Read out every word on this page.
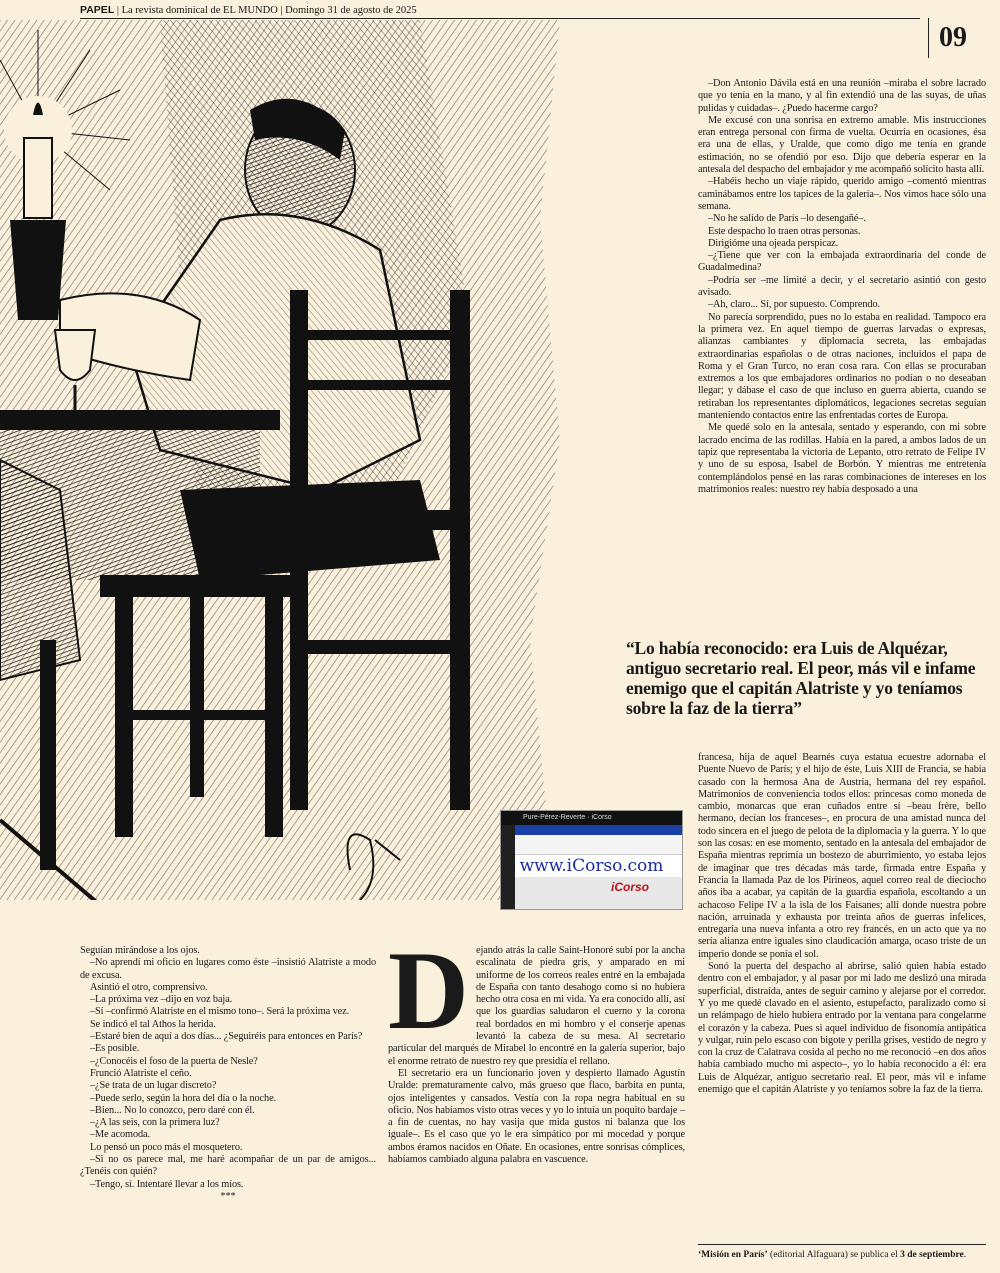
PAPEL | La revista dominical de EL MUNDO | Domingo 31 de agosto de 2025
09
Pure-Pérez-Reverte · iCorso
www.iCorso.com
iCorso
“Lo había reconocido: era Luis de Alquézar, antiguo secretario real. El peor, más vil e infame enemigo que el capitán Alatriste y yo teníamos sobre la faz de la tierra”

–Don Antonio Dávila está en una reunión –miraba el sobre lacrado que yo tenía en la mano, y al fin extendió una de las suyas, de uñas pulidas y cuidadas–. ¿Puedo hacerme cargo?

Me excusé con una sonrisa en extremo amable. Mis instrucciones eran entrega personal con firma de vuelta. Ocurría en ocasiones, ésa era una de ellas, y Uralde, que como digo me tenía en grande estimación, no se ofendió por eso. Dijo que debería esperar en la antesala del despacho del embajador y me acompañó solícito hasta allí.

–Habéis hecho un viaje rápido, querido amigo –comentó mientras caminábamos entre los tapices de la galería–. Nos vimos hace sólo una semana.

–No he salido de París –lo desengañé–.

Este despacho lo traen otras personas.

Dirigióme una ojeada perspicaz.

–¿Tiene que ver con la embajada extraordinaria del conde de Guadalmedina?

–Podría ser –me limité a decir, y el secretario asintió con gesto avisado.

–Ah, claro... Sí, por supuesto. Comprendo.

No parecía sorprendido, pues no lo estaba en realidad. Tampoco era la primera vez. En aquel tiempo de guerras larvadas o expresas, alianzas cambiantes y diplomacia secreta, las embajadas extraordinarias españolas o de otras naciones, incluidos el papa de Roma y el Gran Turco, no eran cosa rara. Con ellas se procuraban extremos a los que embajadores ordinarios no podían o no deseaban llegar; y dábase el caso de que incluso en guerra abierta, cuando se retiraban los representantes diplomáticos, legaciones secretas seguían manteniendo contactos entre las enfrentadas cortes de Europa.

Me quedé solo en la antesala, sentado y esperando, con mi sobre lacrado encima de las rodillas. Había en la pared, a ambos lados de un tapiz que representaba la victoria de Lepanto, otro retrato de Felipe IV y uno de su esposa, Isabel de Borbón. Y mientras me entretenía contemplándolos pensé en las raras combinaciones de intereses en los matrimonios reales: nuestro rey había desposado a una

francesa, hija de aquel Bearnés cuya estatua ecuestre adornaba el Puente Nuevo de París; y el hijo de éste, Luis XIII de Francia, se había casado con la hermosa Ana de Austria, hermana del rey español. Matrimonios de conveniencia todos ellos: princesas como moneda de cambio, monarcas que eran cuñados entre sí –beau frère, bello hermano, decían los franceses–, en procura de una amistad nunca del todo sincera en el juego de pelota de la diplomacia y la guerra. Y lo que son las cosas: en ese momento, sentado en la antesala del embajador de España mientras reprimía un bostezo de aburrimiento, yo estaba lejos de imaginar que tres décadas más tarde, firmada entre España y Francia la llamada Paz de los Pirineos, aquel correo real de dieciocho años iba a acabar, ya capitán de la guardia española, escoltando a un achacoso Felipe IV a la isla de los Faisanes; allí donde nuestra pobre nación, arruinada y exhausta por treinta años de guerras infelices, entregaría una nueva infanta a otro rey francés, en un acto que ya no sería alianza entre iguales sino claudicación amarga, ocaso triste de un imperio donde se ponía el sol.

Sonó la puerta del despacho al abrirse, salió quien había estado dentro con el embajador, y al pasar por mi lado me deslizó una mirada superficial, distraída, antes de seguir camino y alejarse por el corredor. Y yo me quedé clavado en el asiento, estupefacto, paralizado como si un relámpago de hielo hubiera entrado por la ventana para congelarme el corazón y la cabeza. Pues si aquel individuo de fisonomía antipática y vulgar, ruin pelo escaso con bigote y perilla grises, vestido de negro y con la cruz de Calatrava cosida al pecho no me reconoció –en dos años había cambiado mucho mi aspecto–, yo lo había reconocido a él: era Luis de Alquézar, antiguo secretario real. El peor, más vil e infame enemigo que el capitán Alatriste y yo teníamos sobre la faz de la tierra.

Seguían mirándose a los ojos.

–No aprendí mi oficio en lugares como éste –insistió Alatriste a modo de excusa.

Asintió el otro, comprensivo.

–La próxima vez –dijo en voz baja.

–Sí –confirmó Alatriste en el mismo tono–. Será la próxima vez.

Se indicó el tal Athos la herida.

–Estaré bien de aquí a dos días... ¿Seguiréis para entonces en París?

–Es posible.

–¿Conocéis el foso de la puerta de Nesle?

Frunció Alatriste el ceño.

–¿Se trata de un lugar discreto?

–Puede serlo, según la hora del día o la noche.

–Bien... No lo conozco, pero daré con él.

–¿A las seis, con la primera luz?

–Me acomoda.

Lo pensó un poco más el mosquetero.

–Si no os parece mal, me haré acompañar de un par de amigos... ¿Tenéis con quién?

–Tengo, sí. Intentaré llevar a los míos.

***

Dejando atrás la calle Saint-Honoré subí por la ancha escalinata de piedra gris, y amparado en mi uniforme de los correos reales entré en la embajada de España con tanto desahogo como si no hubiera hecho otra cosa en mi vida. Ya era conocido allí, así que los guardias saludaron el cuerno y la corona real bordados en mi hombro y el conserje apenas levantó la cabeza de su mesa. Al secretario particular del marqués de Mirabel lo encontré en la galería superior, bajo el enorme retrato de nuestro rey que presidía el rellano.

El secretario era un funcionario joven y despierto llamado Agustín Uralde: prematuramente calvo, más grueso que flaco, barbita en punta, ojos inteligentes y cansados. Vestía con la ropa negra habitual en su oficio. Nos habíamos visto otras veces y yo lo intuía un poquito bardaje –a fin de cuentas, no hay vasija que mida gustos ni balanza que los iguale–. Es el caso que yo le era simpático por mi mocedad y porque ambos éramos nacidos en Oñate. En ocasiones, entre sonrisas cómplices, habíamos cambiado alguna palabra en vascuence.

‘Misión en París’ (editorial Alfaguara) se publica el 3 de septiembre.
